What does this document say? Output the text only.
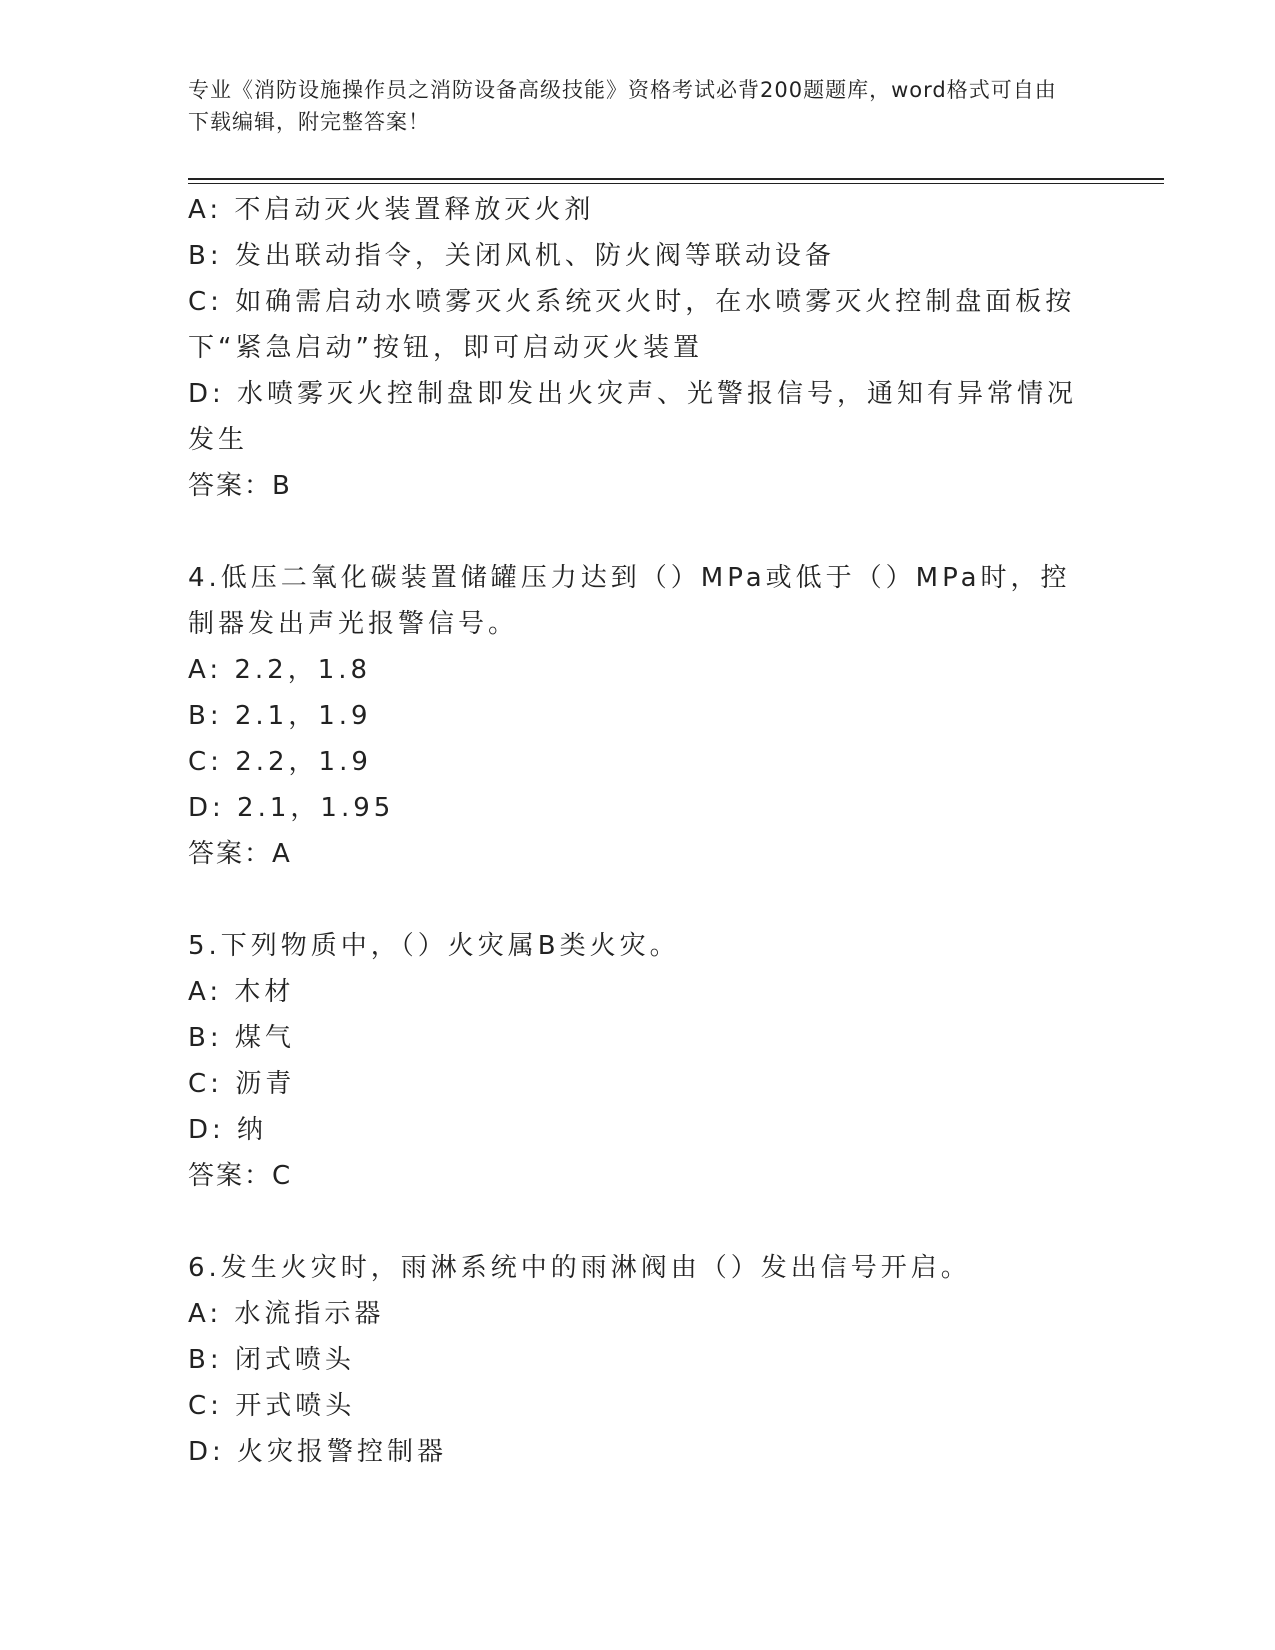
专业《消防设施操作员之消防设备高级技能》资格考试必背200题题库，word格式可自由下载编辑，附完整答案！

A: 不启动灭火装置释放灭火剂

B: 发出联动指令，关闭风机、防火阀等联动设备

C: 如确需启动水喷雾灭火系统灭火时，在水喷雾灭火控制盘面板按下“紧急启动”按钮，即可启动灭火装置

D: 水喷雾灭火控制盘即发出火灾声、光警报信号，通知有异常情况发生

答案：B

4.低压二氧化碳装置储罐压力达到（）MPa或低于（）MPa时，控制器发出声光报警信号。

A: 2.2，1.8

B: 2.1，1.9

C: 2.2，1.9

D: 2.1，1.95

答案：A

5.下列物质中，（）火灾属B类火灾。

A: 木材

B: 煤气

C: 沥青

D: 纳

答案：C

6.发生火灾时，雨淋系统中的雨淋阀由（）发出信号开启。

A: 水流指示器

B: 闭式喷头

C: 开式喷头

D: 火灾报警控制器
